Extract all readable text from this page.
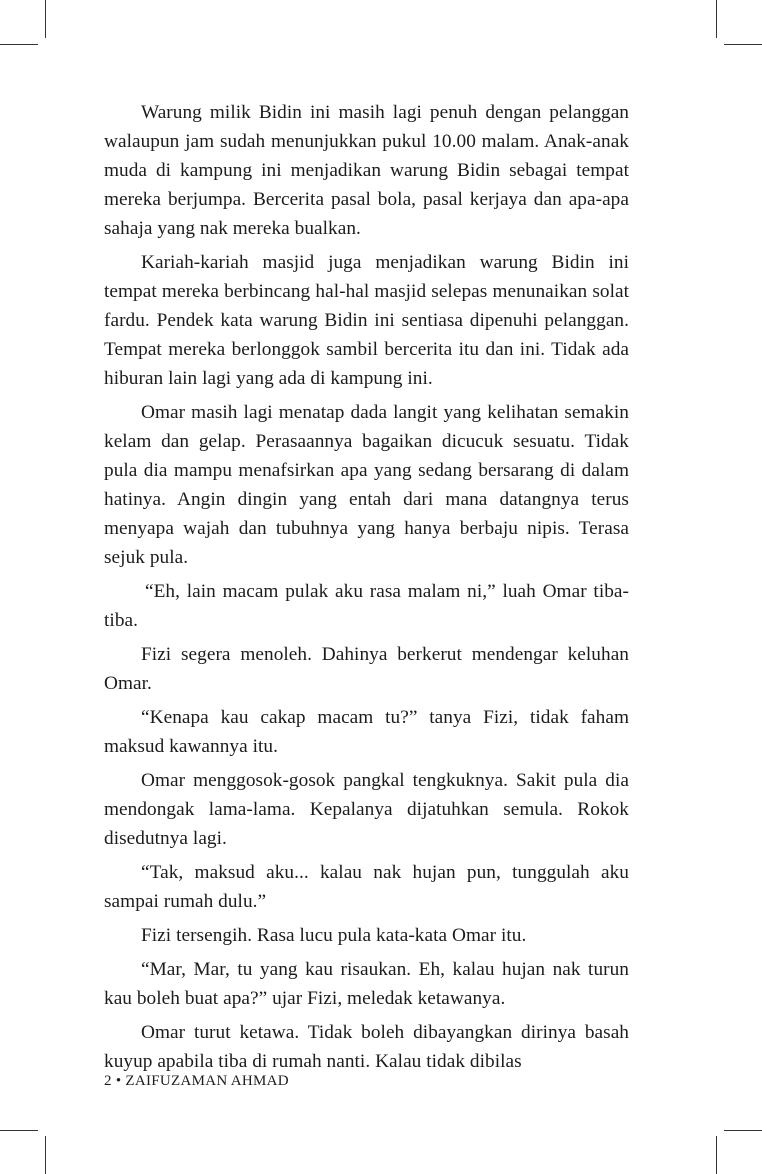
Warung milik Bidin ini masih lagi penuh dengan pelanggan walaupun jam sudah menunjukkan pukul 10.00 malam. Anak-anak muda di kampung ini menjadikan warung Bidin sebagai tempat mereka berjumpa. Bercerita pasal bola, pasal kerjaya dan apa-apa sahaja yang nak mereka bualkan.

Kariah-kariah masjid juga menjadikan warung Bidin ini tempat mereka berbincang hal-hal masjid selepas menunaikan solat fardu. Pendek kata warung Bidin ini sentiasa dipenuhi pelanggan. Tempat mereka berlonggok sambil bercerita itu dan ini. Tidak ada hiburan lain lagi yang ada di kampung ini.

Omar masih lagi menatap dada langit yang kelihatan semakin kelam dan gelap. Perasaannya bagaikan dicucuk sesuatu. Tidak pula dia mampu menafsirkan apa yang sedang bersarang di dalam hatinya. Angin dingin yang entah dari mana datangnya terus menyapa wajah dan tubuhnya yang hanya berbaju nipis. Terasa sejuk pula.

“Eh, lain macam pulak aku rasa malam ni,” luah Omar tiba-tiba.

Fizi segera menoleh. Dahinya berkerut mendengar keluhan Omar.

“Kenapa kau cakap macam tu?” tanya Fizi, tidak faham maksud kawannya itu.

Omar menggosok-gosok pangkal tengkuknya. Sakit pula dia mendongak lama-lama. Kepalanya dijatuhkan semula. Rokok disedutnya lagi.

“Tak, maksud aku... kalau nak hujan pun, tunggulah aku sampai rumah dulu.”

Fizi tersengih. Rasa lucu pula kata-kata Omar itu.

“Mar, Mar, tu yang kau risaukan. Eh, kalau hujan nak turun kau boleh buat apa?” ujar Fizi, meledak ketawanya.

Omar turut ketawa. Tidak boleh dibayangkan dirinya basah kuyup apabila tiba di rumah nanti. Kalau tidak dibilas

2 • ZAIFUZAMAN AHMAD
